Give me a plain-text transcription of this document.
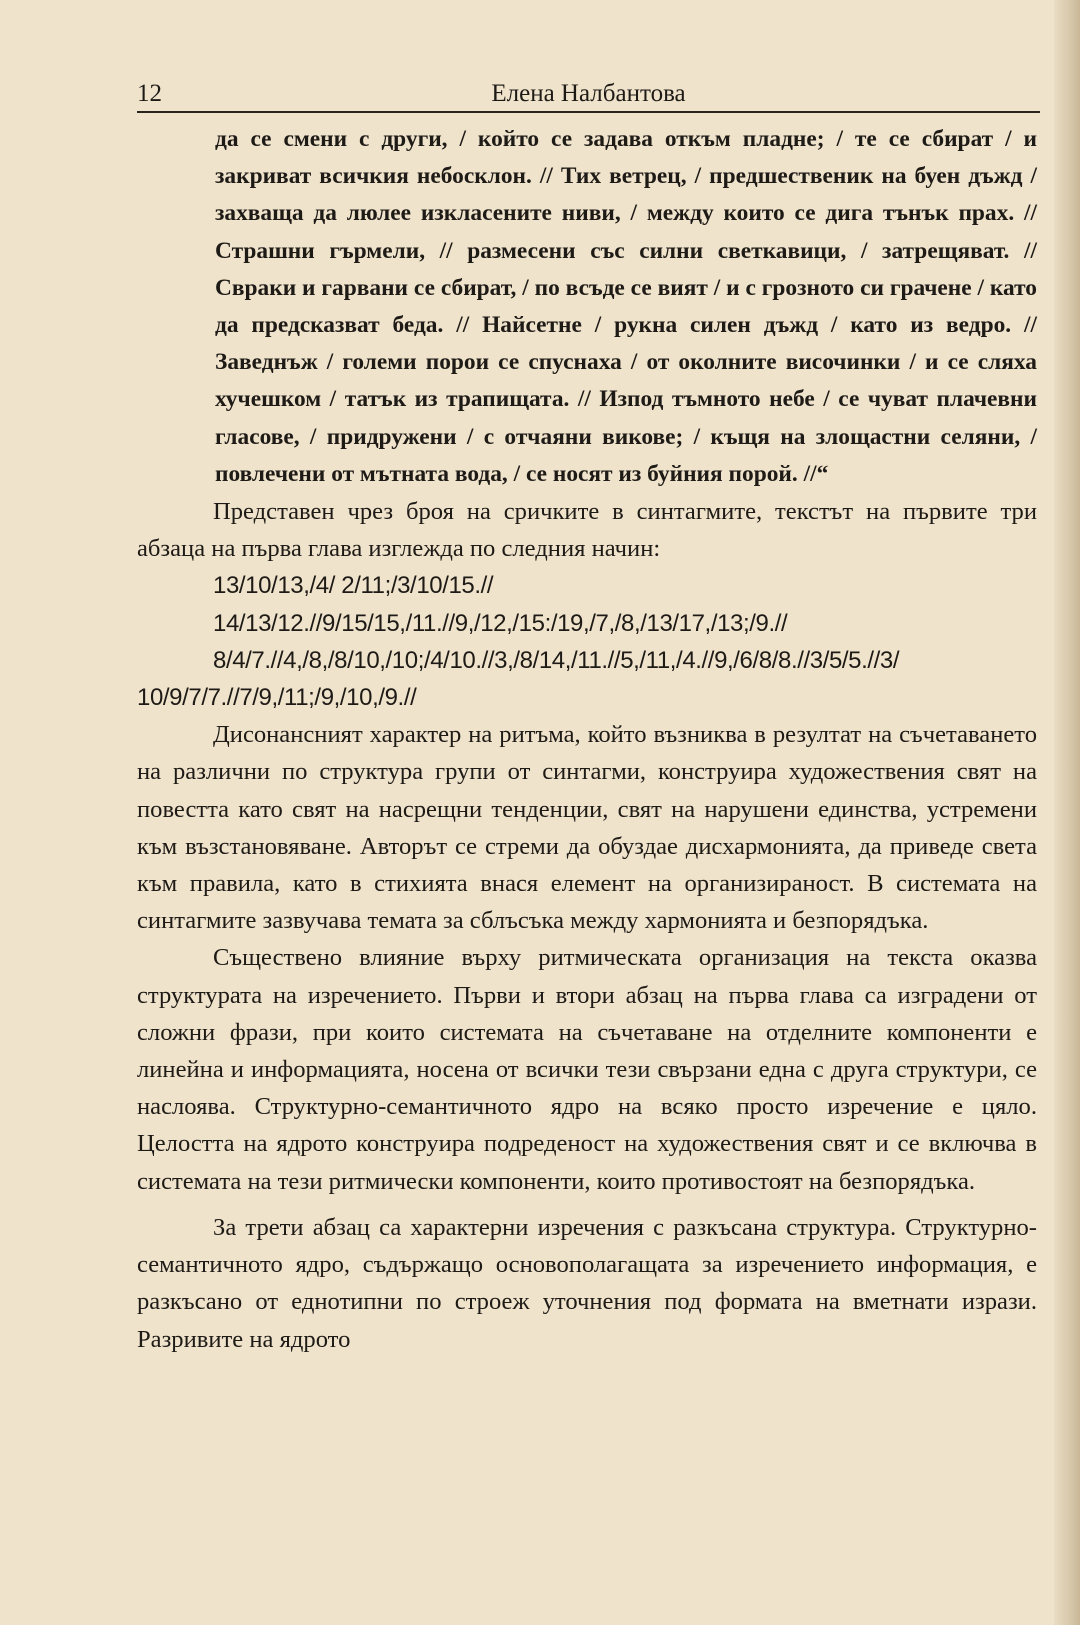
12	Елена Налбантова

да се смени с други, / който се задава откъм пладне; / те се сбират / и закриват всичкия небосклон. // Тих ветрец, / предшественик на буен дъжд / захваща да люлее изкласените ниви, / между които се дига тънък прах. // Страшни гърмели, // размесени със силни светкавици, / затрещяват. // Свраки и гарвани се сбират, / по всъде се вият / и с грозното си грачене / като да предсказват беда. // Найсетне / рукна силен дъжд / като из ведро. // Заведнъж / големи порои се спуснаха / от околните височинки / и се сляха хучешком / татък из трапищата. // Изпод тъмното небе / се чуват плачевни гласове, / придружени / с отчаяни викове; / къщя на злощастни селяни, / повлечени от мътната вода, / се носят из буйния порой. //“

Представен чрез броя на сричките в синтагмите, текстът на първите три абзаца на първа глава изглежда по следния начин:

13/10/13,/4/ 2/11;/3/10/15.//

14/13/12.//9/15/15,/11.//9,/12,/15:/19,/7,/8,/13/17,/13;/9.//

8/4/7.//4,/8,/8/10,/10;/4/10.//3,/8/14,/11.//5,/11,/4.//9,/6/8/8.//3/5/5.//3/

10/9/7/7.//7/9,/11;/9,/10,/9.//

Дисонансният характер на ритъма, който възниква в резултат на съчетаването на различни по структура групи от синтагми, конструира художествения свят на повестта като свят на насрещни тенденции, свят на нарушени единства, устремени към възстановяване. Авторът се стреми да обуздае дисхармонията, да приведе света към правила, като в стихията внася елемент на организираност. В системата на синтагмите зазвучава темата за сблъсъка между хармонията и безпорядъка.

Съществено влияние върху ритмическата организация на текста оказва структурата на изречението. Първи и втори абзац на първа глава са изградени от сложни фрази, при които системата на съчетаване на отделните компоненти е линейна и информацията, носена от всички тези свързани една с друга структури, се наслоява. Структурно-семантичното ядро на всяко просто изречение е цяло. Целостта на ядрото конструира подреденост на художествения свят и се включва в системата на тези ритмически компоненти, които противостоят на безпорядъка.

За трети абзац са характерни изречения с разкъсана структура. Структурно-семантичното ядро, съдържащо основополагащата за изречението информация, е разкъсано от еднотипни по строеж уточнения под формата на вметнати изрази. Разривите на ядрото
